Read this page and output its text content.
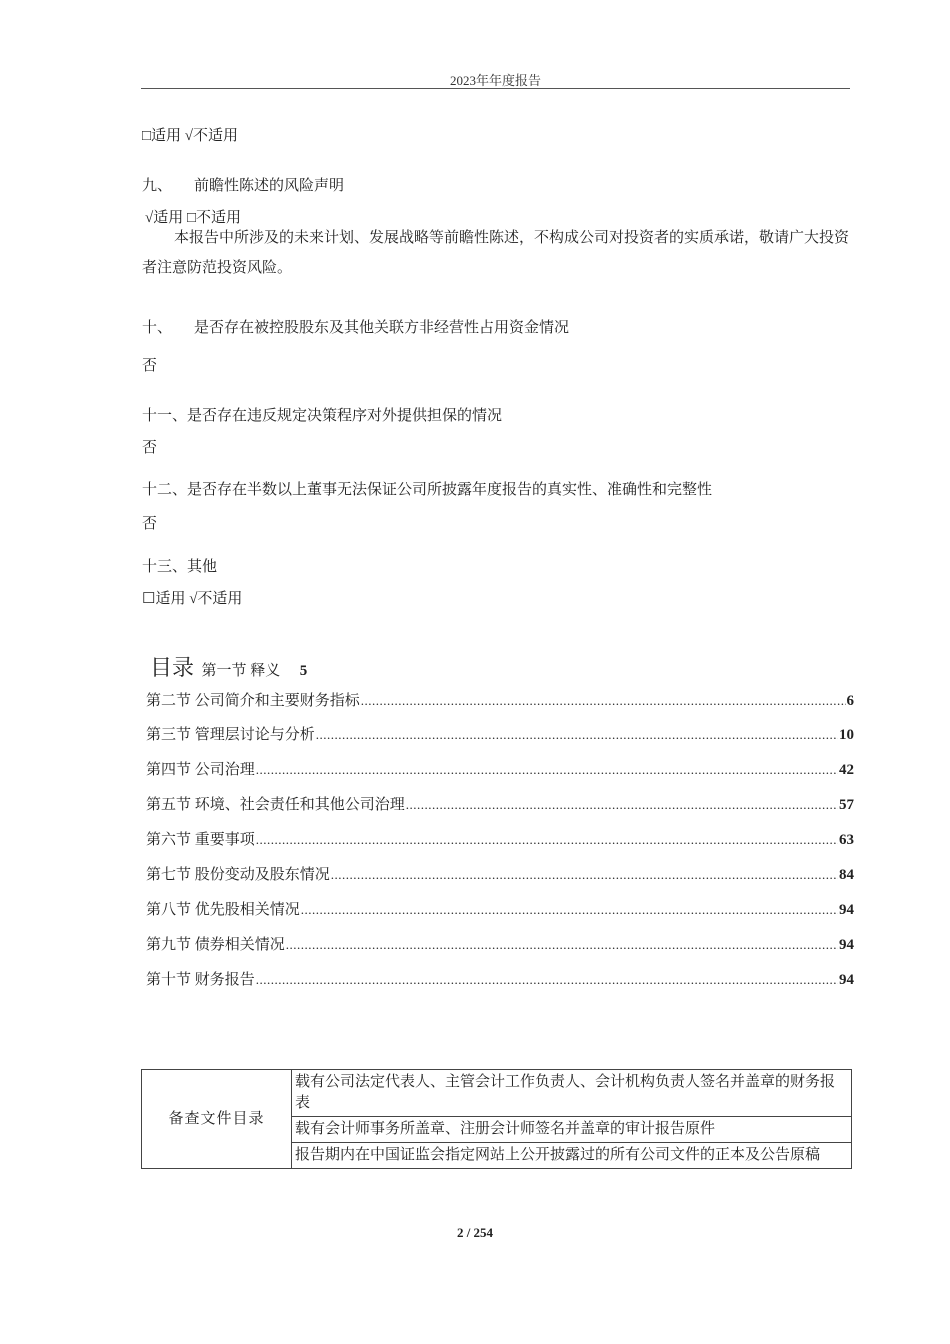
2023年年度报告
□适用 √不适用
九、 前瞻性陈述的风险声明
√适用 □不适用
本报告中所涉及的未来计划、发展战略等前瞻性陈述，不构成公司对投资者的实质承诺，敬请广大投资者注意防范投资风险。
十、 是否存在被控股股东及其他关联方非经营性占用资金情况
否
十一、是否存在违反规定决策程序对外提供担保的情况
否
十二、是否存在半数以上董事无法保证公司所披露年度报告的真实性、准确性和完整性
否
十三、其他
☐适用 √不适用
目录 第一节 释义 5
第二节 公司简介和主要财务指标 .....	6
第三节 管理层讨论与分析 .....	10
第四节 公司治理 .....	42
第五节 环境、社会责任和其他公司治理 .....	57
第六节 重要事项 .....	63
第七节 股份变动及股东情况 .....	84
第八节 优先股相关情况 .....	94
第九节 债券相关情况 .....	94
第十节 财务报告 .....	94
备查文件目录	载有公司法定代表人、主管会计工作负责人、会计机构负责人签名并盖章的财务报表
载有会计师事务所盖章、注册会计师签名并盖章的审计报告原件
报告期内在中国证监会指定网站上公开披露过的所有公司文件的正本及公告原稿
2 / 254
